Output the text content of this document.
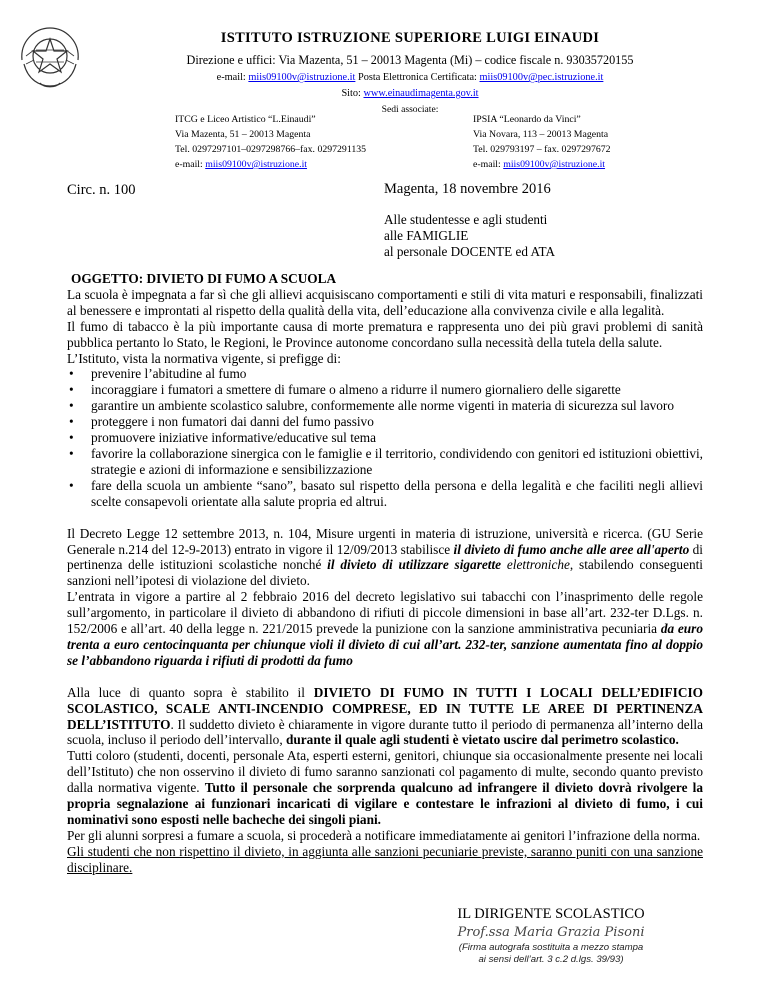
ISTITUTO ISTRUZIONE SUPERIORE LUIGI EINAUDI
Direzione e uffici: Via Mazenta, 51 – 20013 Magenta (Mi) – codice fiscale n. 93035720155
e-mail: miis09100v@istruzione.it Posta Elettronica Certificata: miis09100v@pec.istruzione.it
Sito: www.einaudimagenta.gov.it
Sedi associate:
ITCG e Liceo Artistico “L.Einaudi”
Via Mazenta, 51 – 20013 Magenta
Tel. 0297297101–0297298766–fax. 0297291135
e-mail: miis09100v@istruzione.it
IPSIA “Leonardo da Vinci”
Via Novara, 113 – 20013 Magenta
Tel. 029793197 – fax. 0297297672
e-mail: miis09100v@istruzione.it
Circ. n. 100	Magenta, 18 novembre 2016
Alle studentesse e agli studenti
alle FAMIGLIE
al personale DOCENTE ed ATA

OGGETTO: DIVIETO DI FUMO A SCUOLA

La scuola è impegnata a far sì che gli allievi acquisiscano comportamenti e stili di vita maturi e responsabili, finalizzati al benessere e improntati al rispetto della qualità della vita, dell’educazione alla convivenza civile e alla legalità.

Il fumo di tabacco è la più importante causa di morte prematura e rappresenta uno dei più gravi problemi di sanità pubblica pertanto lo Stato, le Regioni, le Province autonome concordano sulla necessità della tutela della salute.

L’Istituto, vista la normativa vigente, si prefigge di:

• prevenire l’abitudine al fumo
• incoraggiare i fumatori a smettere di fumare o almeno a ridurre il numero giornaliero delle sigarette
• garantire un ambiente scolastico salubre, conformemente alle norme vigenti in materia di sicurezza sul lavoro
• proteggere i non fumatori dai danni del fumo passivo
• promuovere iniziative informative/educative sul tema
• favorire la collaborazione sinergica con le famiglie e il territorio, condividendo con genitori ed istituzioni obiettivi, strategie e azioni di informazione e sensibilizzazione
• fare della scuola un ambiente “sano”, basato sul rispetto della persona e della legalità e che faciliti negli allievi scelte consapevoli orientate alla salute propria ed altrui.

Il Decreto Legge 12 settembre 2013, n. 104, Misure urgenti in materia di istruzione, università e ricerca. (GU Serie Generale n.214 del 12-9-2013) entrato in vigore il 12/09/2013 stabilisce il divieto di fumo anche alle aree all'aperto di pertinenza delle istituzioni scolastiche nonché il divieto di utilizzare sigarette elettroniche, stabilendo conseguenti sanzioni nell’ipotesi di violazione del divieto.

L’entrata in vigore a partire al 2 febbraio 2016 del decreto legislativo sui tabacchi con l’inasprimento delle regole sull’argomento, in particolare il divieto di abbandono di rifiuti di piccole dimensioni in base all’art. 232-ter D.Lgs. n. 152/2006 e all’art. 40 della legge n. 221/2015 prevede la punizione con la sanzione amministrativa pecuniaria da euro trenta a euro centocinquanta per chiunque violi il divieto di cui all’art. 232-ter, sanzione aumentata fino al doppio se l’abbandono riguarda i rifiuti di prodotti da fumo

Alla luce di quanto sopra è stabilito il DIVIETO DI FUMO IN TUTTI I LOCALI DELL’EDIFICIO SCOLASTICO, SCALE ANTI-INCENDIO COMPRESE, ED IN TUTTE LE AREE DI PERTINENZA DELL’ISTITUTO. Il suddetto divieto è chiaramente in vigore durante tutto il periodo di permanenza all’interno della scuola, incluso il periodo dell’intervallo, durante il quale agli studenti è vietato uscire dal perimetro scolastico.

Tutti coloro (studenti, docenti, personale Ata, esperti esterni, genitori, chiunque sia occasionalmente presente nei locali dell’Istituto) che non osservino il divieto di fumo saranno sanzionati col pagamento di multe, secondo quanto previsto dalla normativa vigente. Tutto il personale che sorprenda qualcuno ad infrangere il divieto dovrà rivolgere la propria segnalazione ai funzionari incaricati di vigilare e contestare le infrazioni al divieto di fumo, i cui nominativi sono esposti nelle bacheche dei singoli piani.

Per gli alunni sorpresi a fumare a scuola, si procederà a notificare immediatamente ai genitori l’infrazione della norma.

Gli studenti che non rispettino il divieto, in aggiunta alle sanzioni pecuniarie previste, saranno puniti con una sanzione disciplinare.

IL DIRIGENTE SCOLASTICO
Prof.ssa Maria Grazia Pisoni
(Firma autografa sostituita a mezzo stampa
ai sensi dell’art. 3 c.2 d.lgs. 39/93)
